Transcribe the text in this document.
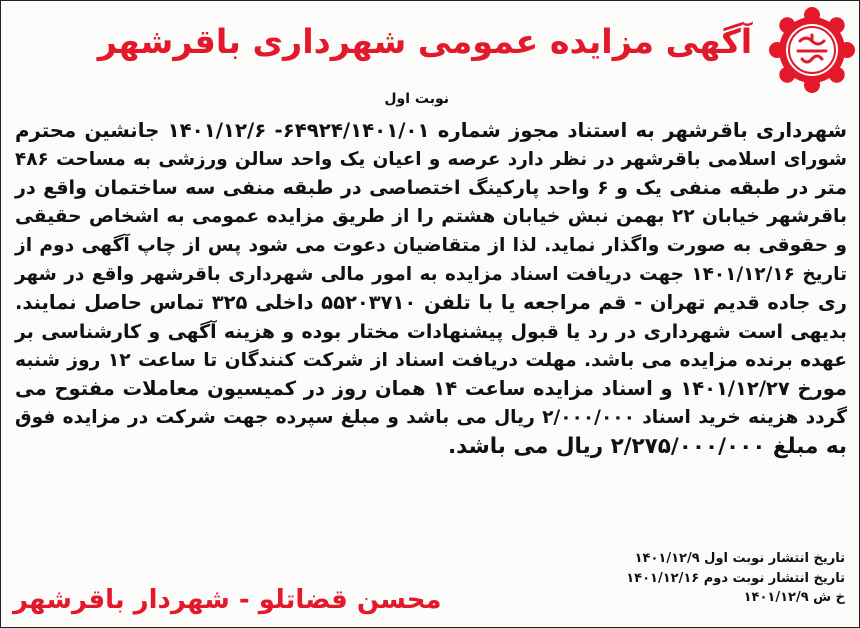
آگهی مزایده عمومی شهرداری باقرشهر
نوبت اول
شهرداری باقرشهر به استناد مجوز شماره ۶۴۹۲۴/۱۴۰۱/۰۱- ۱۴۰۱/۱۲/۶ جانشین محترم
شورای اسلامی باقرشهر در نظر دارد عرصه و اعیان یک واحد سالن ورزشی به مساحت ۴۸۶
متر در طبقه منفی یک و ۶ واحد پارکینگ اختصاصی در طبقه منفی سه ساختمان واقع در
باقرشهر خیابان ۲۲ بهمن نبش خیابان هشتم را از طریق مزایده عمومی به اشخاص حقیقی
و حقوقی به صورت واگذار نماید. لذا از متقاضیان دعوت می شود پس از چاپ آگهی دوم از
تاریخ ۱۴۰۱/۱۲/۱۶ جهت دریافت اسناد مزایده به امور مالی شهرداری باقرشهر واقع در شهر
ری جاده قدیم تهران - قم مراجعه یا با تلفن ۵۵۲۰۳۷۱۰ داخلی ۳۲۵ تماس حاصل نمایند.
بدیهی است شهرداری در رد یا قبول پیشنهادات مختار بوده و هزینه آگهی و کارشناسی بر
عهده برنده مزایده می باشد. مهلت دریافت اسناد از شرکت کنندگان تا ساعت ۱۲ روز شنبه
مورخ ۱۴۰۱/۱۲/۲۷ و اسناد مزایده ساعت ۱۴ همان روز در کمیسیون معاملات مفتوح می
گردد هزینه خرید اسناد ۲/۰۰۰/۰۰۰ ریال می باشد و مبلغ سپرده جهت شرکت در مزایده فوق
به مبلغ ۲/۲۷۵/۰۰۰/۰۰۰ ریال می باشد.
تاریخ انتشار نوبت اول ۱۴۰۱/۱۲/۹
تاریخ انتشار نوبت دوم ۱۴۰۱/۱۲/۱۶
خ ش ۱۴۰۱/۱۲/۹
محسن قضاتلو - شهردار باقرشهر
